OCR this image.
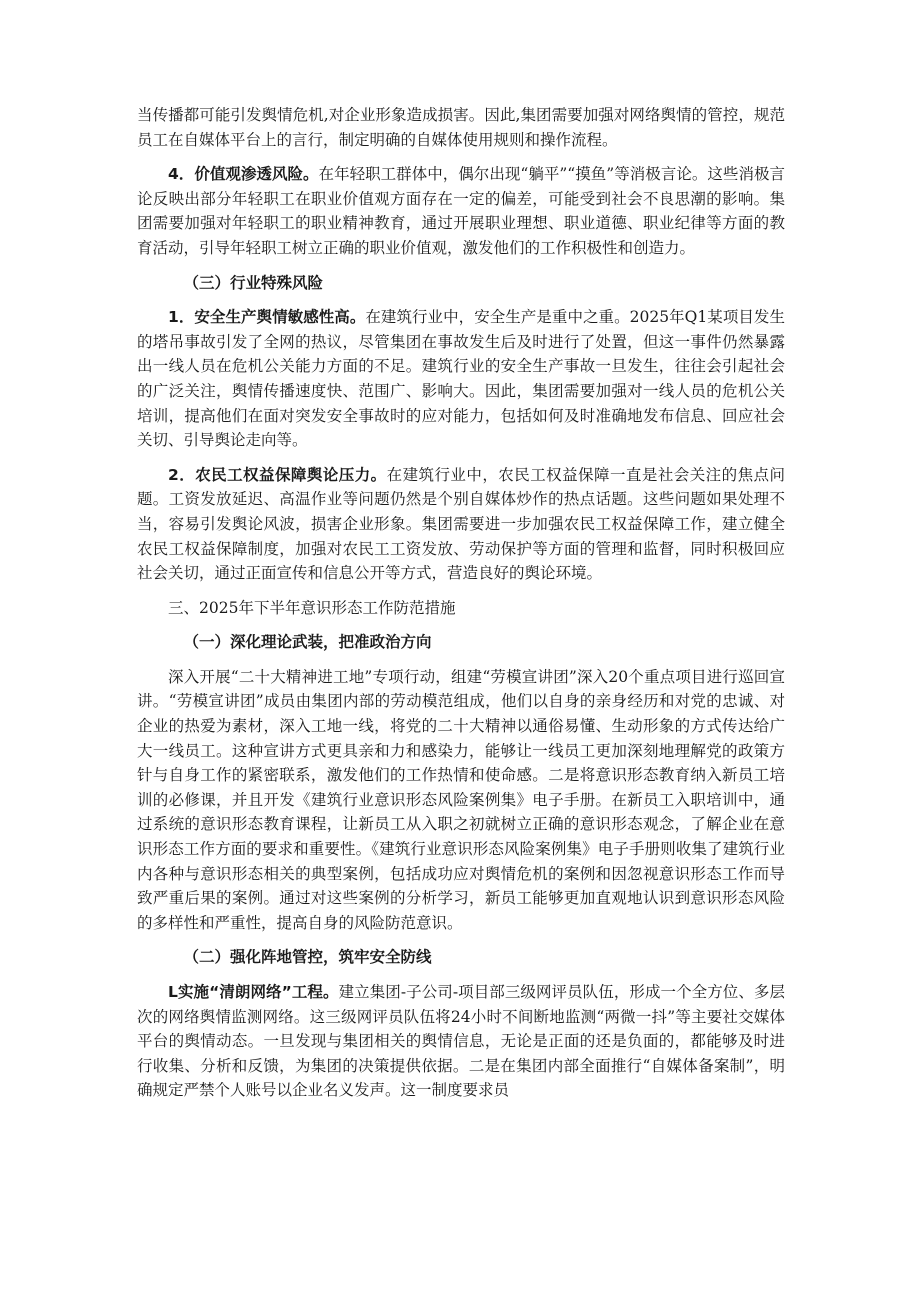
当传播都可能引发舆情危机,对企业形象造成损害。因此,集团需要加强对网络舆情的管控，规范员工在自媒体平台上的言行，制定明确的自媒体使用规则和操作流程。

4．价值观渗透风险。在年轻职工群体中，偶尔出现“躺平”“摸鱼”等消极言论。这些消极言论反映出部分年轻职工在职业价值观方面存在一定的偏差，可能受到社会不良思潮的影响。集团需要加强对年轻职工的职业精神教育，通过开展职业理想、职业道德、职业纪律等方面的教育活动，引导年轻职工树立正确的职业价值观，激发他们的工作积极性和创造力。

（三）行业特殊风险

1．安全生产舆情敏感性高。在建筑行业中，安全生产是重中之重。2025年Q1某项目发生的塔吊事故引发了全网的热议，尽管集团在事故发生后及时进行了处置，但这一事件仍然暴露出一线人员在危机公关能力方面的不足。建筑行业的安全生产事故一旦发生，往往会引起社会的广泛关注，舆情传播速度快、范围广、影响大。因此，集团需要加强对一线人员的危机公关培训，提高他们在面对突发安全事故时的应对能力，包括如何及时准确地发布信息、回应社会关切、引导舆论走向等。

2．农民工权益保障舆论压力。在建筑行业中，农民工权益保障一直是社会关注的焦点问题。工资发放延迟、高温作业等问题仍然是个别自媒体炒作的热点话题。这些问题如果处理不当，容易引发舆论风波，损害企业形象。集团需要进一步加强农民工权益保障工作，建立健全农民工权益保障制度，加强对农民工工资发放、劳动保护等方面的管理和监督，同时积极回应社会关切，通过正面宣传和信息公开等方式，营造良好的舆论环境。

三、2025年下半年意识形态工作防范措施

（一）深化理论武装，把准政治方向

深入开展“二十大精神进工地”专项行动，组建“劳模宣讲团”深入20个重点项目进行巡回宣讲。“劳模宣讲团”成员由集团内部的劳动模范组成，他们以自身的亲身经历和对党的忠诚、对企业的热爱为素材，深入工地一线，将党的二十大精神以通俗易懂、生动形象的方式传达给广大一线员工。这种宣讲方式更具亲和力和感染力，能够让一线员工更加深刻地理解党的政策方针与自身工作的紧密联系，激发他们的工作热情和使命感。二是将意识形态教育纳入新员工培训的必修课，并且开发《建筑行业意识形态风险案例集》电子手册。在新员工入职培训中，通过系统的意识形态教育课程，让新员工从入职之初就树立正确的意识形态观念，了解企业在意识形态工作方面的要求和重要性。《建筑行业意识形态风险案例集》电子手册则收集了建筑行业内各种与意识形态相关的典型案例，包括成功应对舆情危机的案例和因忽视意识形态工作而导致严重后果的案例。通过对这些案例的分析学习，新员工能够更加直观地认识到意识形态风险的多样性和严重性，提高自身的风险防范意识。

（二）强化阵地管控，筑牢安全防线

L实施“清朗网络”工程。建立集团-子公司-项目部三级网评员队伍，形成一个全方位、多层次的网络舆情监测网络。这三级网评员队伍将24小时不间断地监测“两微一抖”等主要社交媒体平台的舆情动态。一旦发现与集团相关的舆情信息，无论是正面的还是负面的，都能够及时进行收集、分析和反馈，为集团的决策提供依据。二是在集团内部全面推行“自媒体备案制”，明确规定严禁个人账号以企业名义发声。这一制度要求员
